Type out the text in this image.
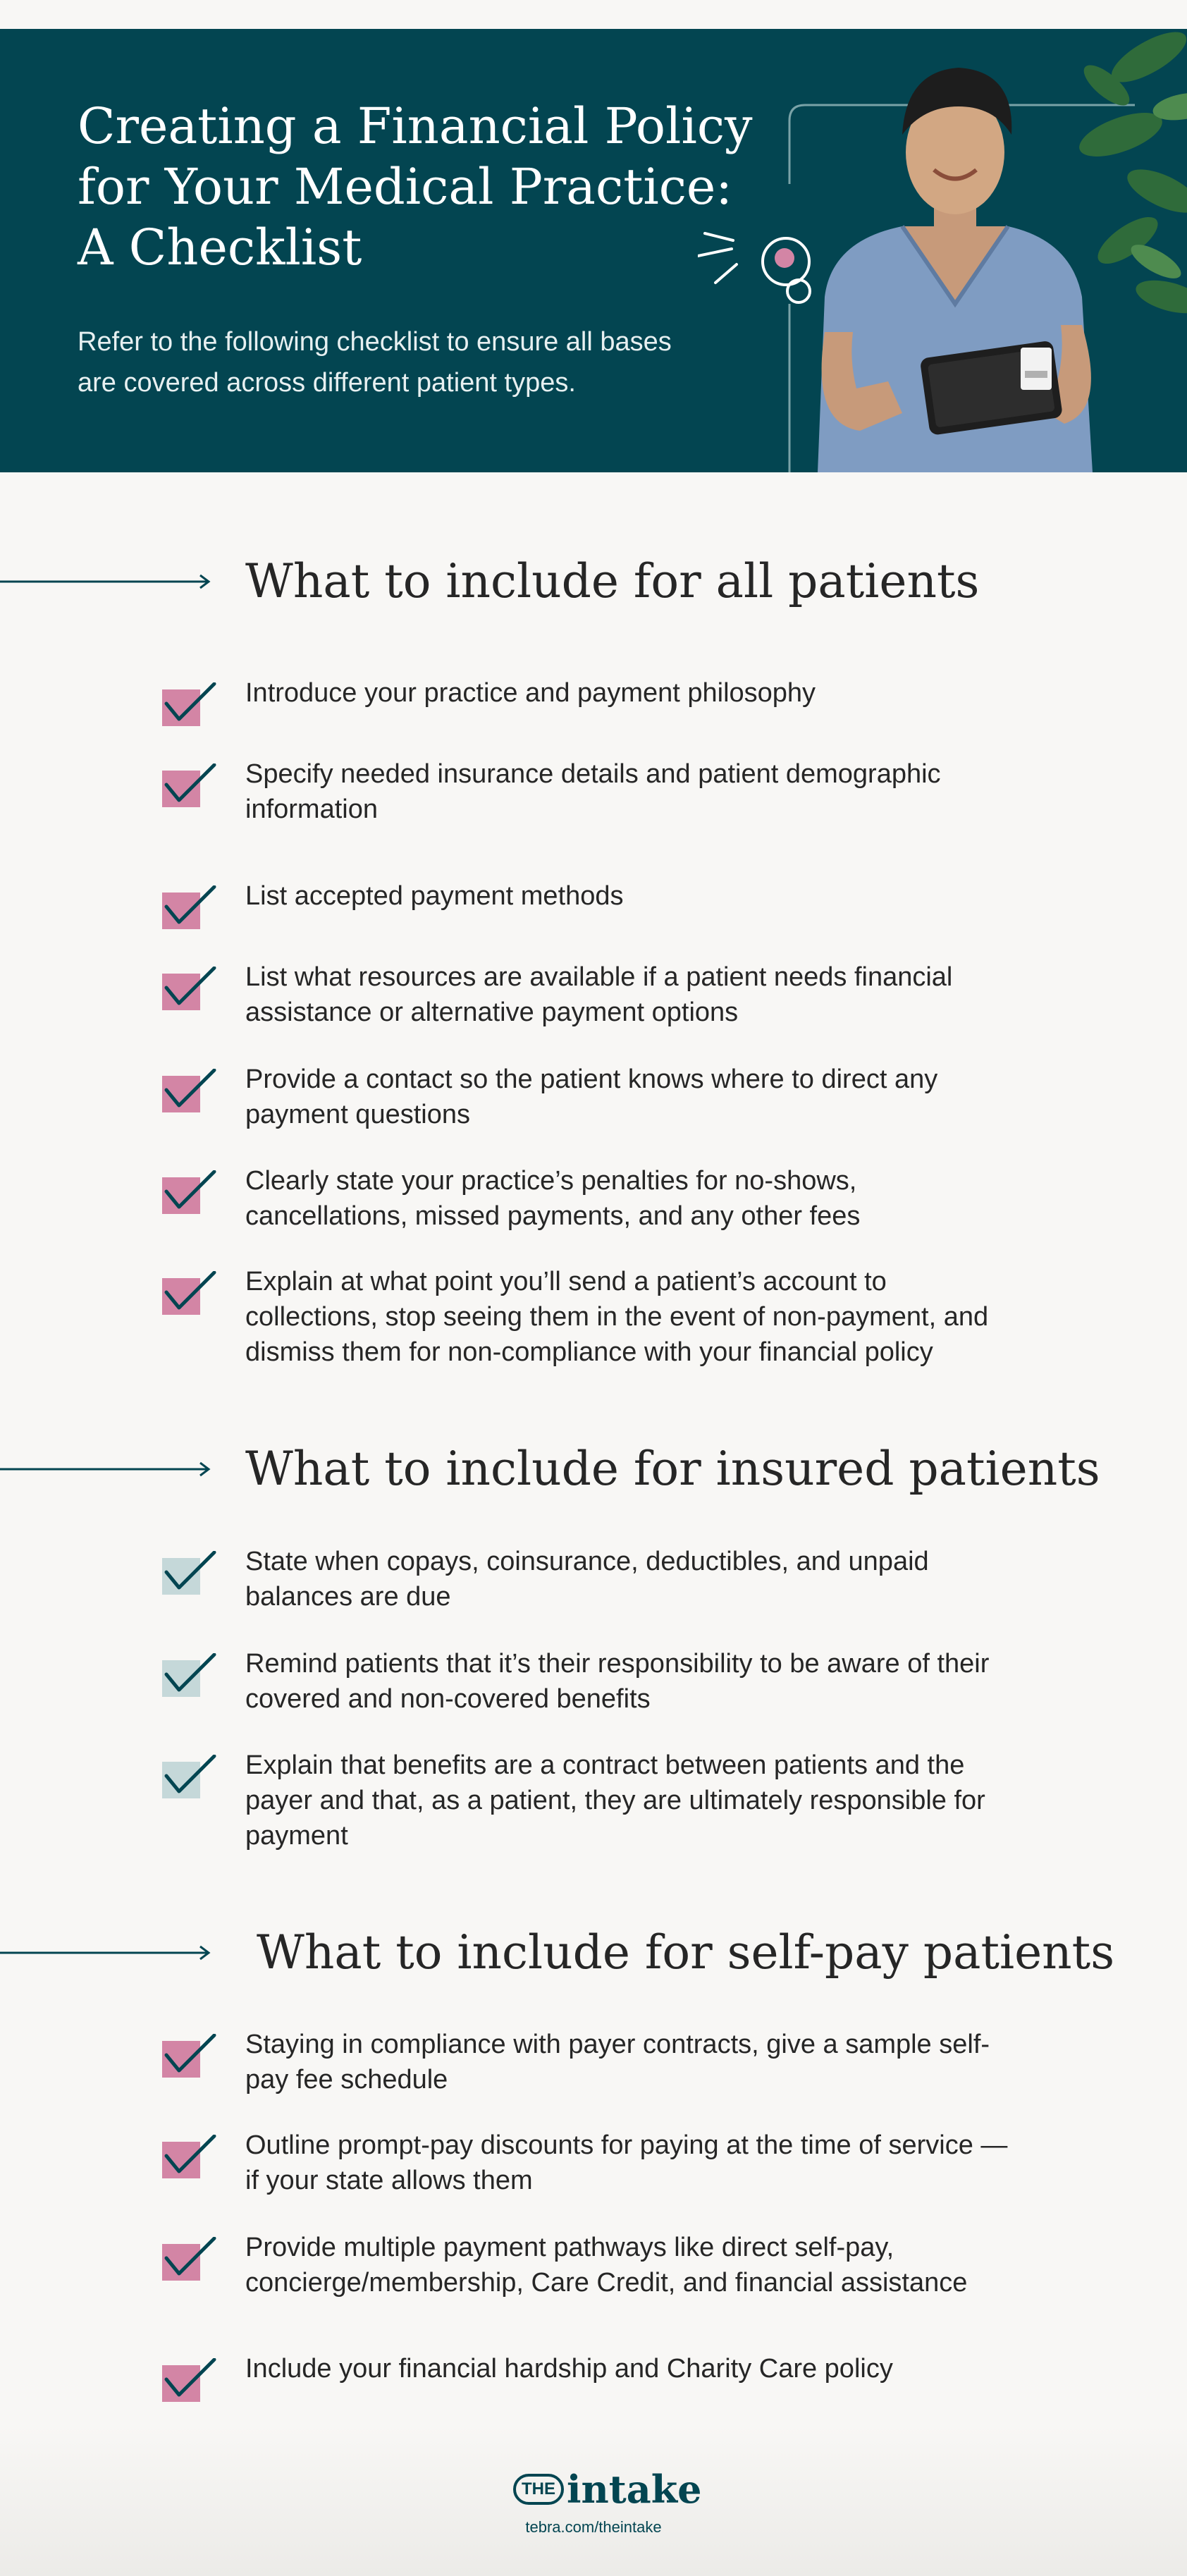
Creating a Financial Policy
for Your Medical Practice:
A Checklist

Refer to the following checklist to ensure all bases
are covered across different patient types.

What to include for all patients
Introduce your practice and payment philosophy
Specify needed insurance details and patient demographic
information
List accepted payment methods
List what resources are available if a patient needs financial
assistance or alternative payment options
Provide a contact so the patient knows where to direct any
payment questions
Clearly state your practice’s penalties for no-shows,
cancellations, missed payments, and any other fees
Explain at what point you’ll send a patient’s account to
collections, stop seeing them in the event of non-payment, and
dismiss them for non-compliance with your financial policy
What to include for insured patients
State when copays, coinsurance, deductibles, and unpaid
balances are due
Remind patients that it’s their responsibility to be aware of their
covered and non-covered benefits
Explain that benefits are a contract between patients and the
payer and that, as a patient, they are ultimately responsible for
payment
What to include for self-pay patients
Staying in compliance with payer contracts, give a sample self-
pay fee schedule
Outline prompt-pay discounts for paying at the time of service —
if your state allows them
Provide multiple payment pathways like direct self-pay,
concierge/membership, Care Credit, and financial assistance
Include your financial hardship and Charity Care policy
THE intake
tebra.com/theintake
